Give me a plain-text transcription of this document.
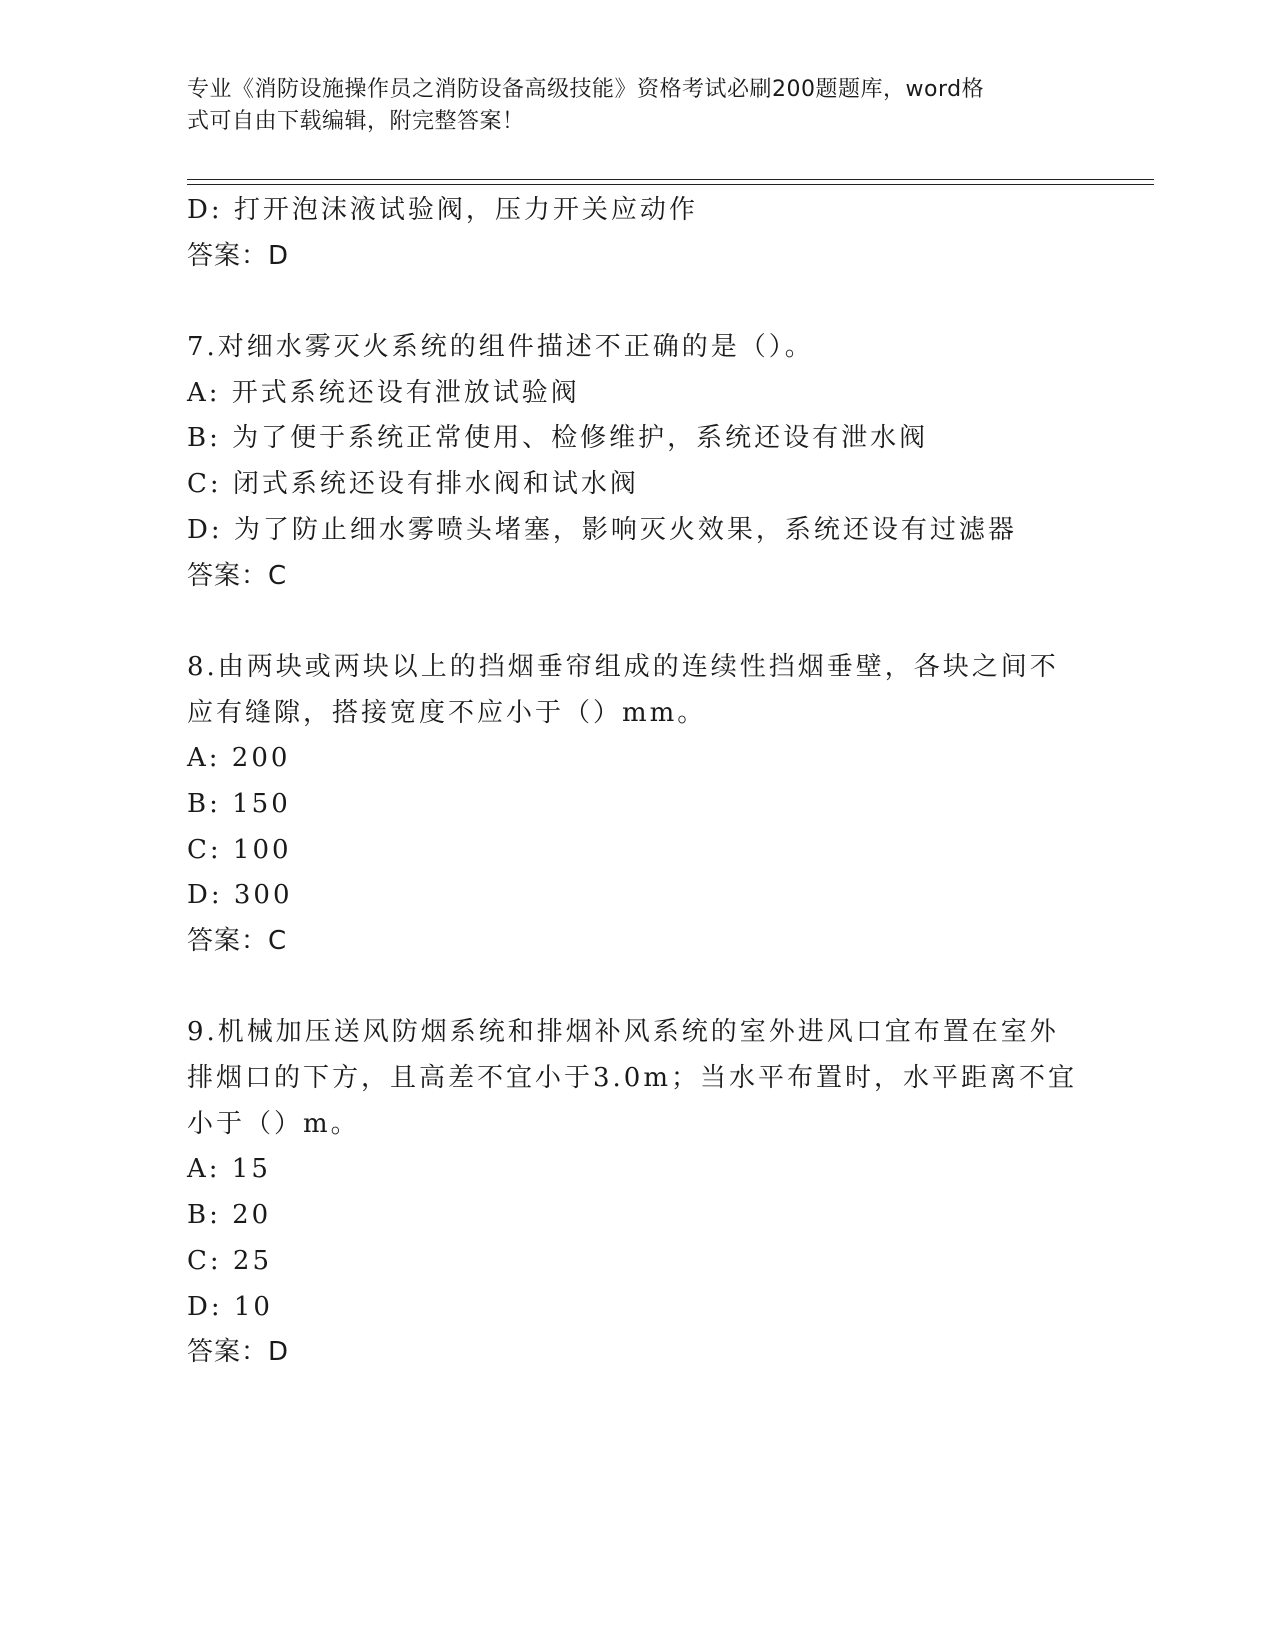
专业《消防设施操作员之消防设备高级技能》资格考试必刷200题题库，word格
式可自由下载编辑，附完整答案！
D: 打开泡沫液试验阀，压力开关应动作
答案：D
7.对细水雾灭火系统的组件描述不正确的是（）。
A: 开式系统还设有泄放试验阀
B: 为了便于系统正常使用、检修维护，系统还设有泄水阀
C: 闭式系统还设有排水阀和试水阀
D: 为了防止细水雾喷头堵塞，影响灭火效果，系统还设有过滤器
答案：C
8.由两块或两块以上的挡烟垂帘组成的连续性挡烟垂壁，各块之间不
应有缝隙，搭接宽度不应小于（）mm。
A: 200
B: 150
C: 100
D: 300
答案：C
9.机械加压送风防烟系统和排烟补风系统的室外进风口宜布置在室外
排烟口的下方，且高差不宜小于3.0m；当水平布置时，水平距离不宜
小于（）m。
A: 15
B: 20
C: 25
D: 10
答案：D
